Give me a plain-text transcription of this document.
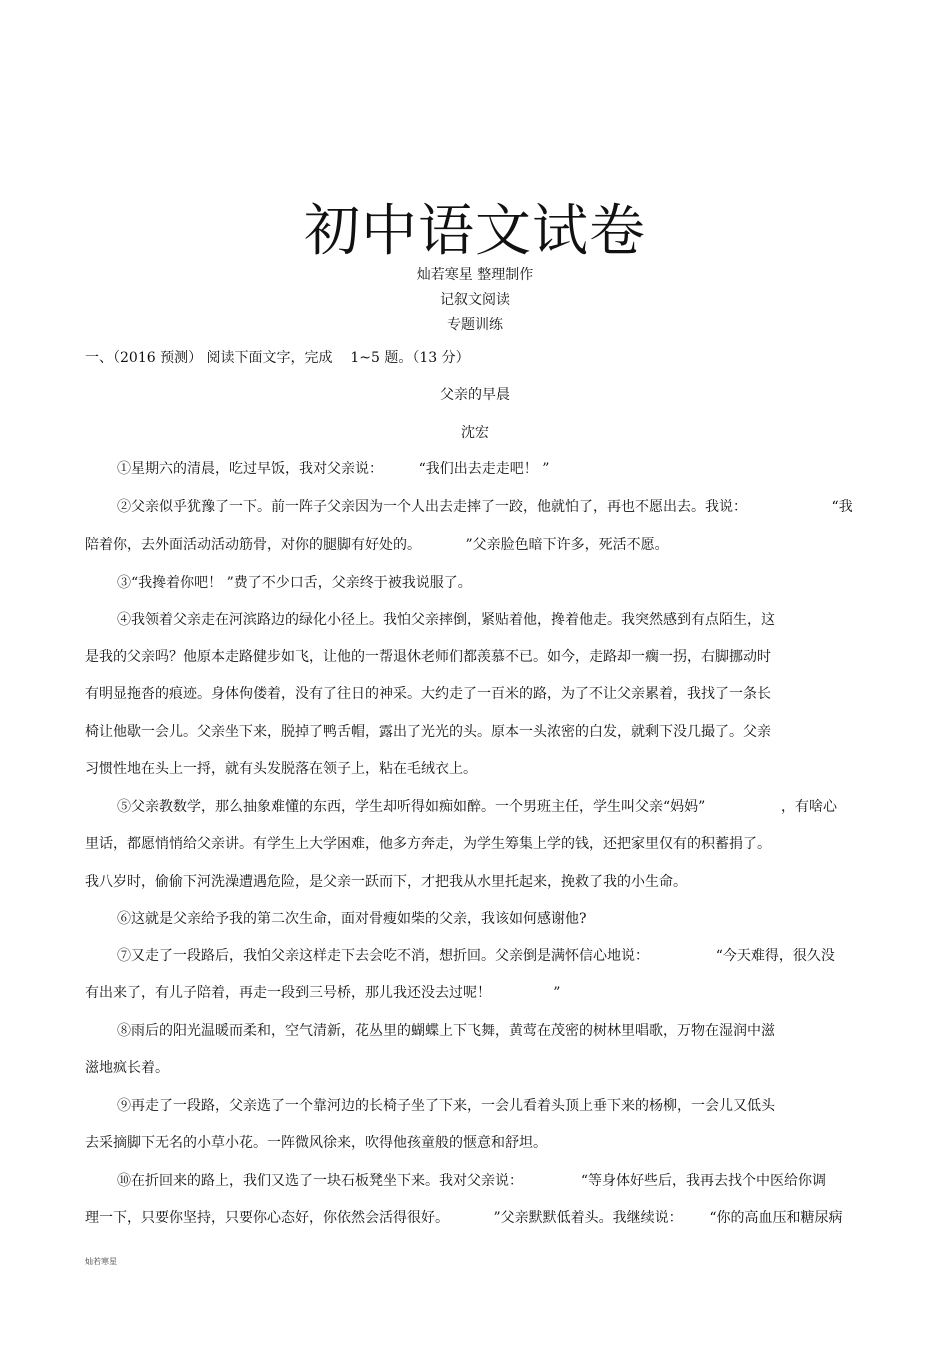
初中语文试卷
灿若寒星 整理制作
记叙文阅读
专题训练
一、（2016 预测） 阅读下面文字，完成    1~5 题。（13 分）
父亲的早晨
沈宏
①星期六的清晨，吃过早饭，我对父亲说：        “我们出去走走吧！ ”
②父亲似乎犹豫了一下。前一阵子父亲因为一个人出去走摔了一跤，他就怕了，再也不愿出去。我说：                   “我
陪着你，去外面活动活动筋骨，对你的腿脚有好处的。          ”父亲脸色暗下许多，死活不愿。
③“我搀着你吧！ ”费了不少口舌，父亲终于被我说服了。
④我领着父亲走在河滨路边的绿化小径上。我怕父亲摔倒，紧贴着他，搀着他走。我突然感到有点陌生，这
是我的父亲吗？他原本走路健步如飞，让他的一帮退休老师们都羡慕不已。如今，走路却一瘸一拐，右脚挪动时
有明显拖沓的痕迹。身体佝偻着，没有了往日的神采。大约走了一百米的路，为了不让父亲累着，我找了一条长
椅让他歇一会儿。父亲坐下来，脱掉了鸭舌帽，露出了光光的头。原本一头浓密的白发，就剩下没几撮了。父亲
习惯性地在头上一捋，就有头发脱落在领子上，粘在毛绒衣上。
⑤父亲教数学，那么抽象难懂的东西，学生却听得如痴如醉。一个男班主任，学生叫父亲“妈妈”                 ，有啥心
里话，都愿悄悄给父亲讲。有学生上大学困难，他多方奔走，为学生筹集上学的钱，还把家里仅有的积蓄捐了。
我八岁时，偷偷下河洗澡遭遇危险，是父亲一跃而下，才把我从水里托起来，挽救了我的小生命。
⑥这就是父亲给予我的第二次生命，面对骨瘦如柴的父亲，我该如何感谢他?
⑦又走了一段路后，我怕父亲这样走下去会吃不消，想折回。父亲倒是满怀信心地说：               “今天难得，很久没
有出来了，有儿子陪着，再走一段到三号桥，那儿我还没去过呢！              ”
⑧雨后的阳光温暖而柔和，空气清新，花丛里的蝴蝶上下飞舞，黄莺在茂密的树林里唱歌，万物在湿润中滋
滋地疯长着。
⑨再走了一段路，父亲选了一个靠河边的长椅子坐了下来，一会儿看着头顶上垂下来的杨柳，一会儿又低头
去采摘脚下无名的小草小花。一阵微风徐来，吹得他孩童般的惬意和舒坦。
⑩在折回来的路上，我们又选了一块石板凳坐下来。我对父亲说：             “等身体好些后，我再去找个中医给你调
理一下，只要你坚持，只要你心态好，你依然会活得很好。          ”父亲默默低着头。我继续说：      “你的高血压和糖尿病
灿若寒星
